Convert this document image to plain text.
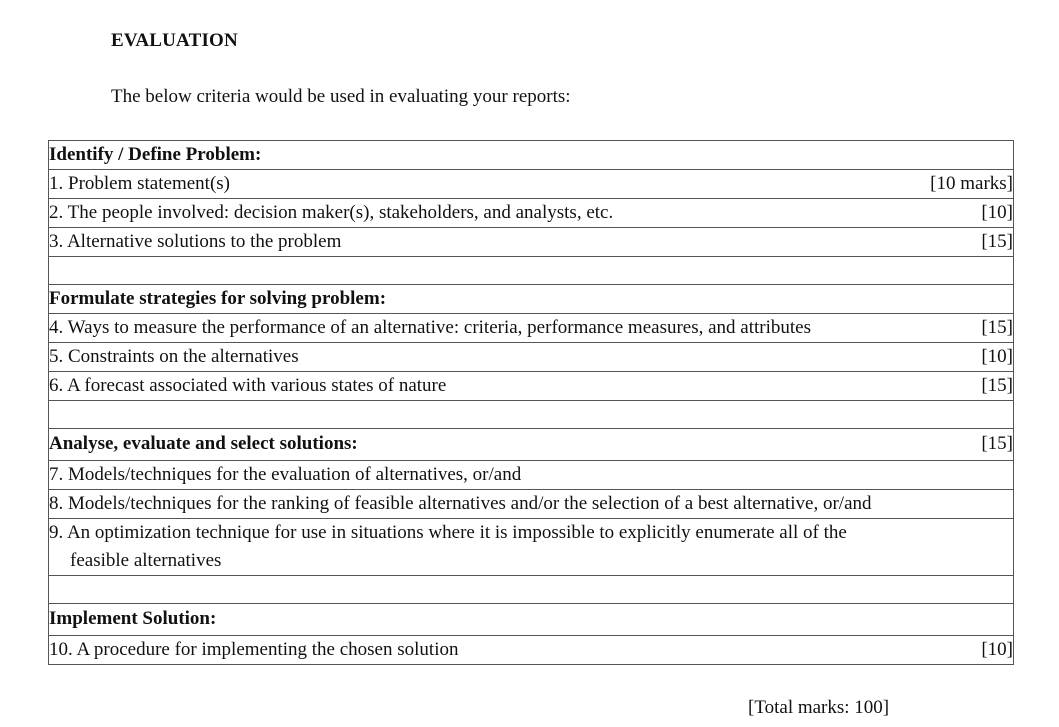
EVALUATION
The below criteria would be used in evaluating your reports:
Identify / Define Problem:	
1. Problem statement(s)	[10 marks]
2. The people involved: decision maker(s), stakeholders, and analysts, etc.	[10]
3. Alternative solutions to the problem	[15]

Formulate strategies for solving problem:	
4. Ways to measure the performance of an alternative: criteria, performance measures, and attributes	[15]
5. Constraints on the alternatives	[10]
6. A forecast associated with various states of nature	[15]

Analyse, evaluate and select solutions:	[15]
7. Models/techniques for the evaluation of alternatives, or/and	
8. Models/techniques for the ranking of feasible alternatives and/or the selection of a best alternative, or/and	
9. An optimization technique for use in situations where it is impossible to explicitly enumerate all of the
feasible alternatives	

Implement Solution:	
10. A procedure for implementing the chosen solution	[10]
[Total marks: 100]
